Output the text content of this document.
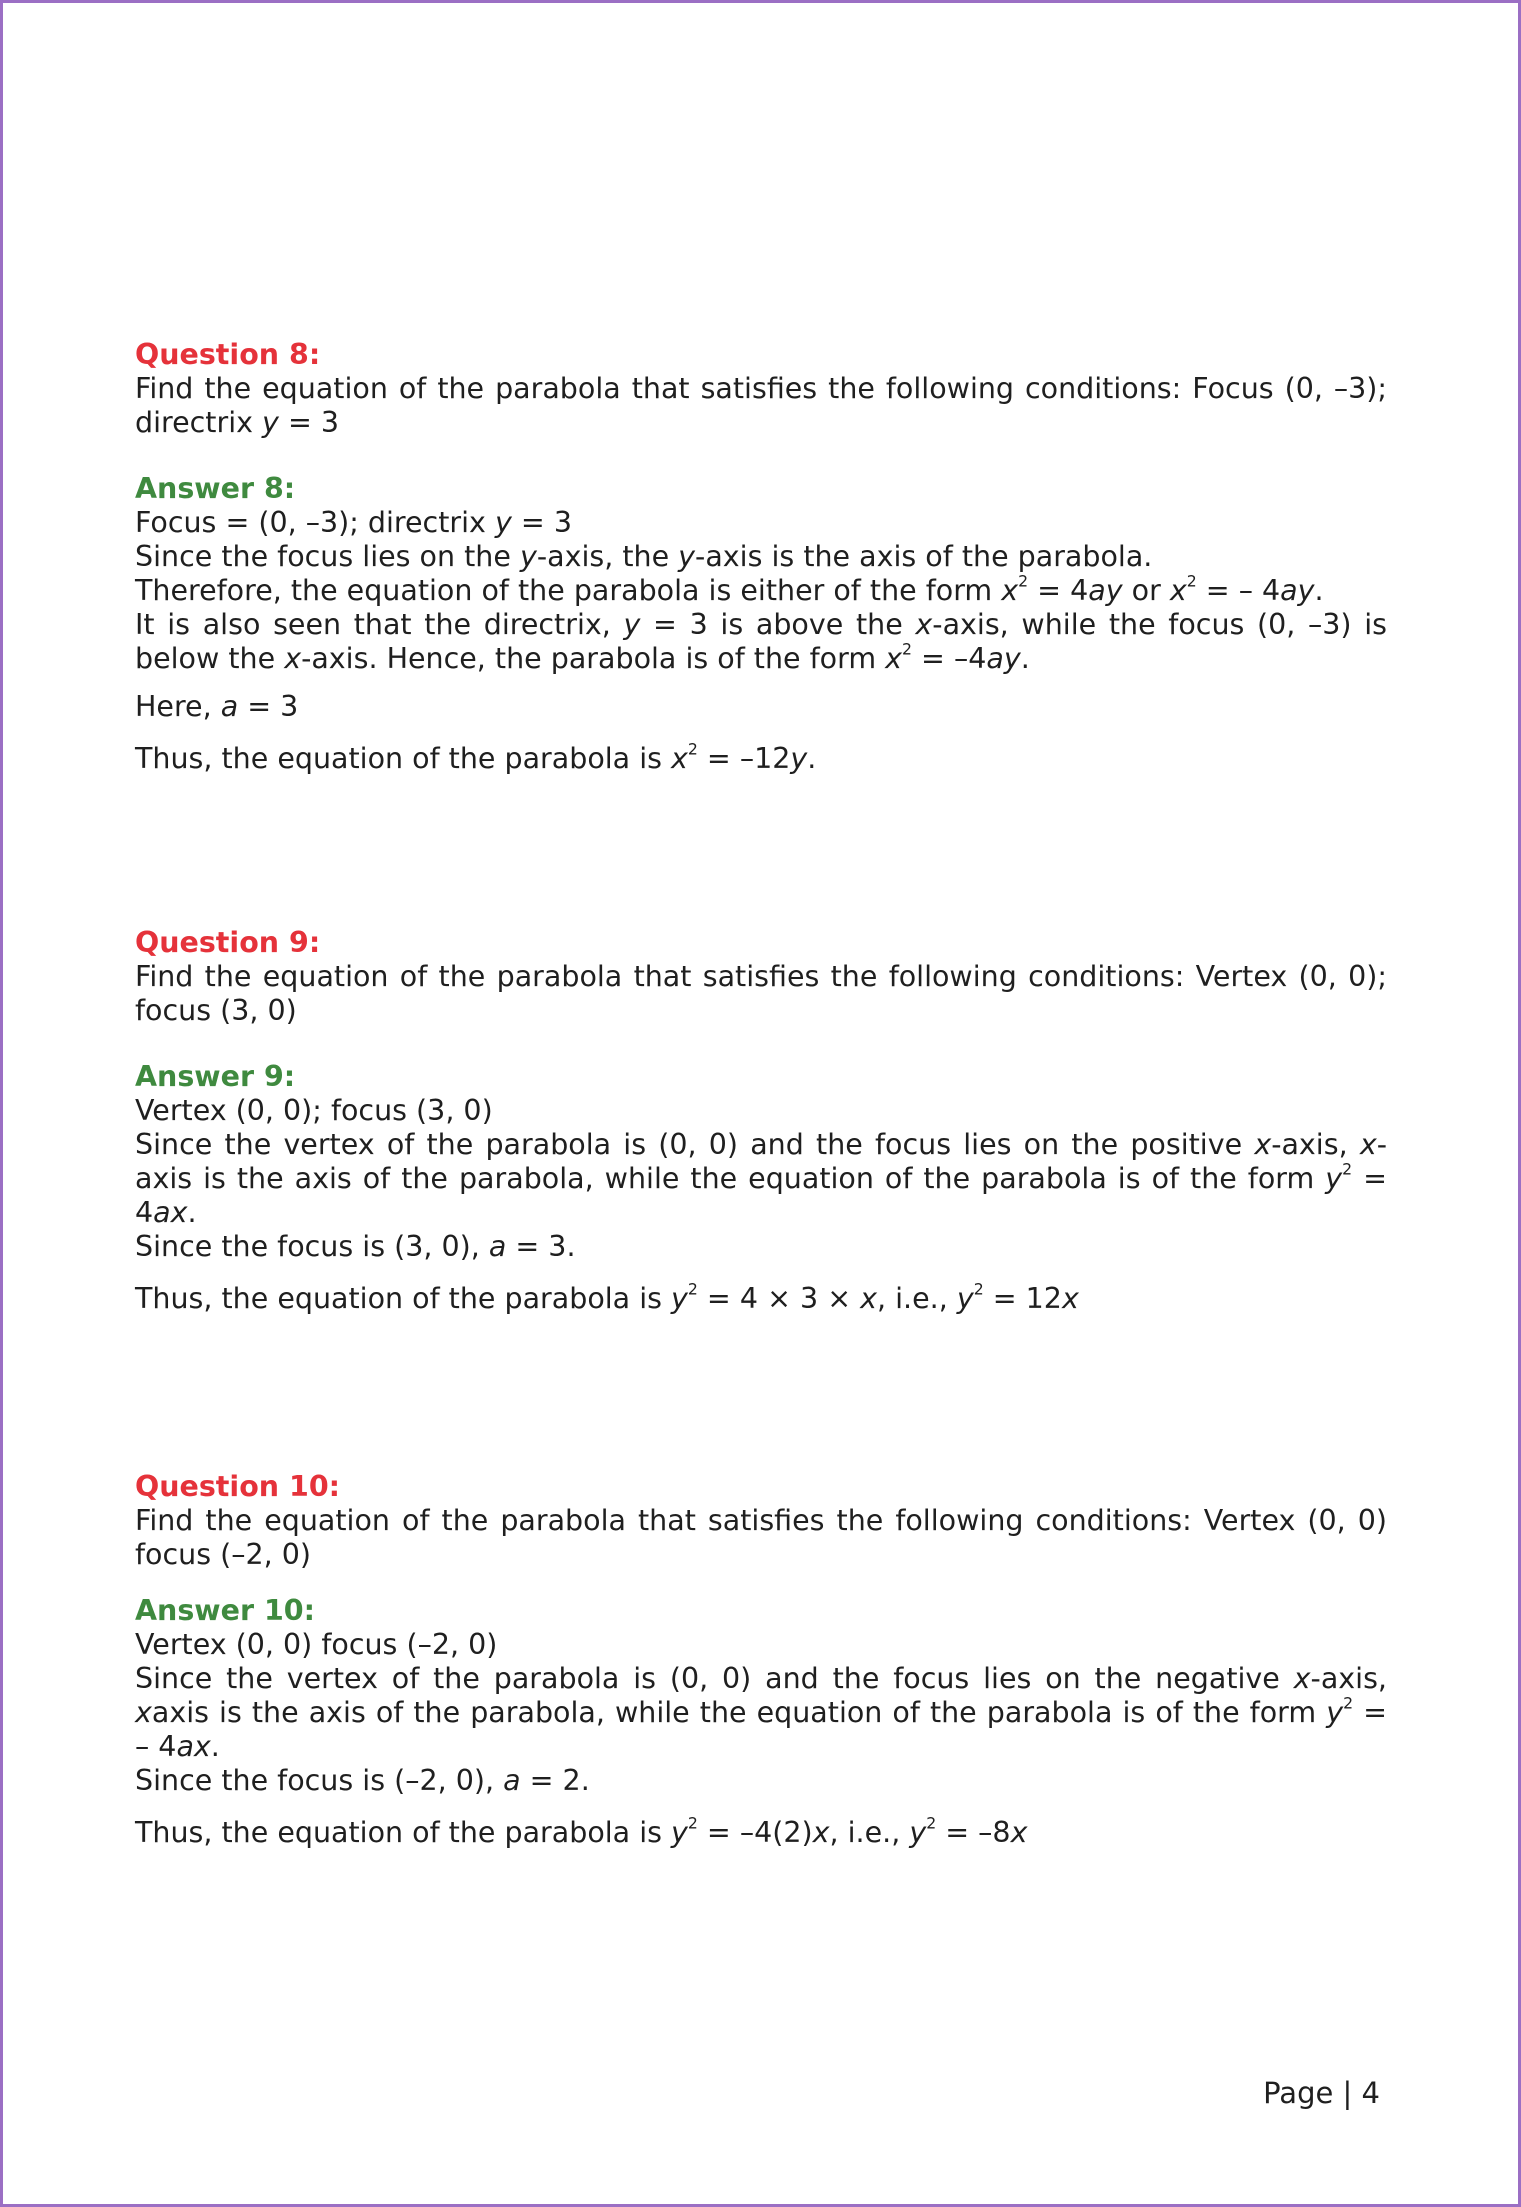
Question 8:
Find the equation of the parabola that satisfies the following conditions: Focus (0, –3); directrix y = 3
Answer 8:
Focus = (0, –3); directrix y = 3
Since the focus lies on the y-axis, the y-axis is the axis of the parabola.
Therefore, the equation of the parabola is either of the form $x^2 = 4ay$ or $x^2$ = – 4ay.
It is also seen that the directrix, y = 3 is above the x-axis, while the focus (0, –3) is below the x-axis. Hence, the parabola is of the form $x^2 = -4ay$.
Here, a = 3
Thus, the equation of the parabola is $x^2 = -12y$.
Question 9:
Find the equation of the parabola that satisfies the following conditions: Vertex (0, 0); focus (3, 0)
Answer 9:
Vertex (0, 0); focus (3, 0)
Since the vertex of the parabola is (0, 0) and the focus lies on the positive x-axis, x-axis is the axis of the parabola, while the equation of the parabola is of the form $y^2 = 4ax$.
Since the focus is (3, 0), a = 3.
Thus, the equation of the parabola is $y^2 = 4 \times 3 \times x$, i.e., $y^2 = 12x$
Question 10:
Find the equation of the parabola that satisfies the following conditions: Vertex (0, 0) focus (–2, 0)
Answer 10:
Vertex (0, 0) focus (–2, 0)
Since the vertex of the parabola is (0, 0) and the focus lies on the negative x-axis, xaxis is the axis of the parabola, while the equation of the parabola is of the form $y^2$ = – 4ax.
Since the focus is (–2, 0), a = 2.
Thus, the equation of the parabola is $y^2 = -4(2)x$, i.e., $y^2 = -8x$
Page | 4
